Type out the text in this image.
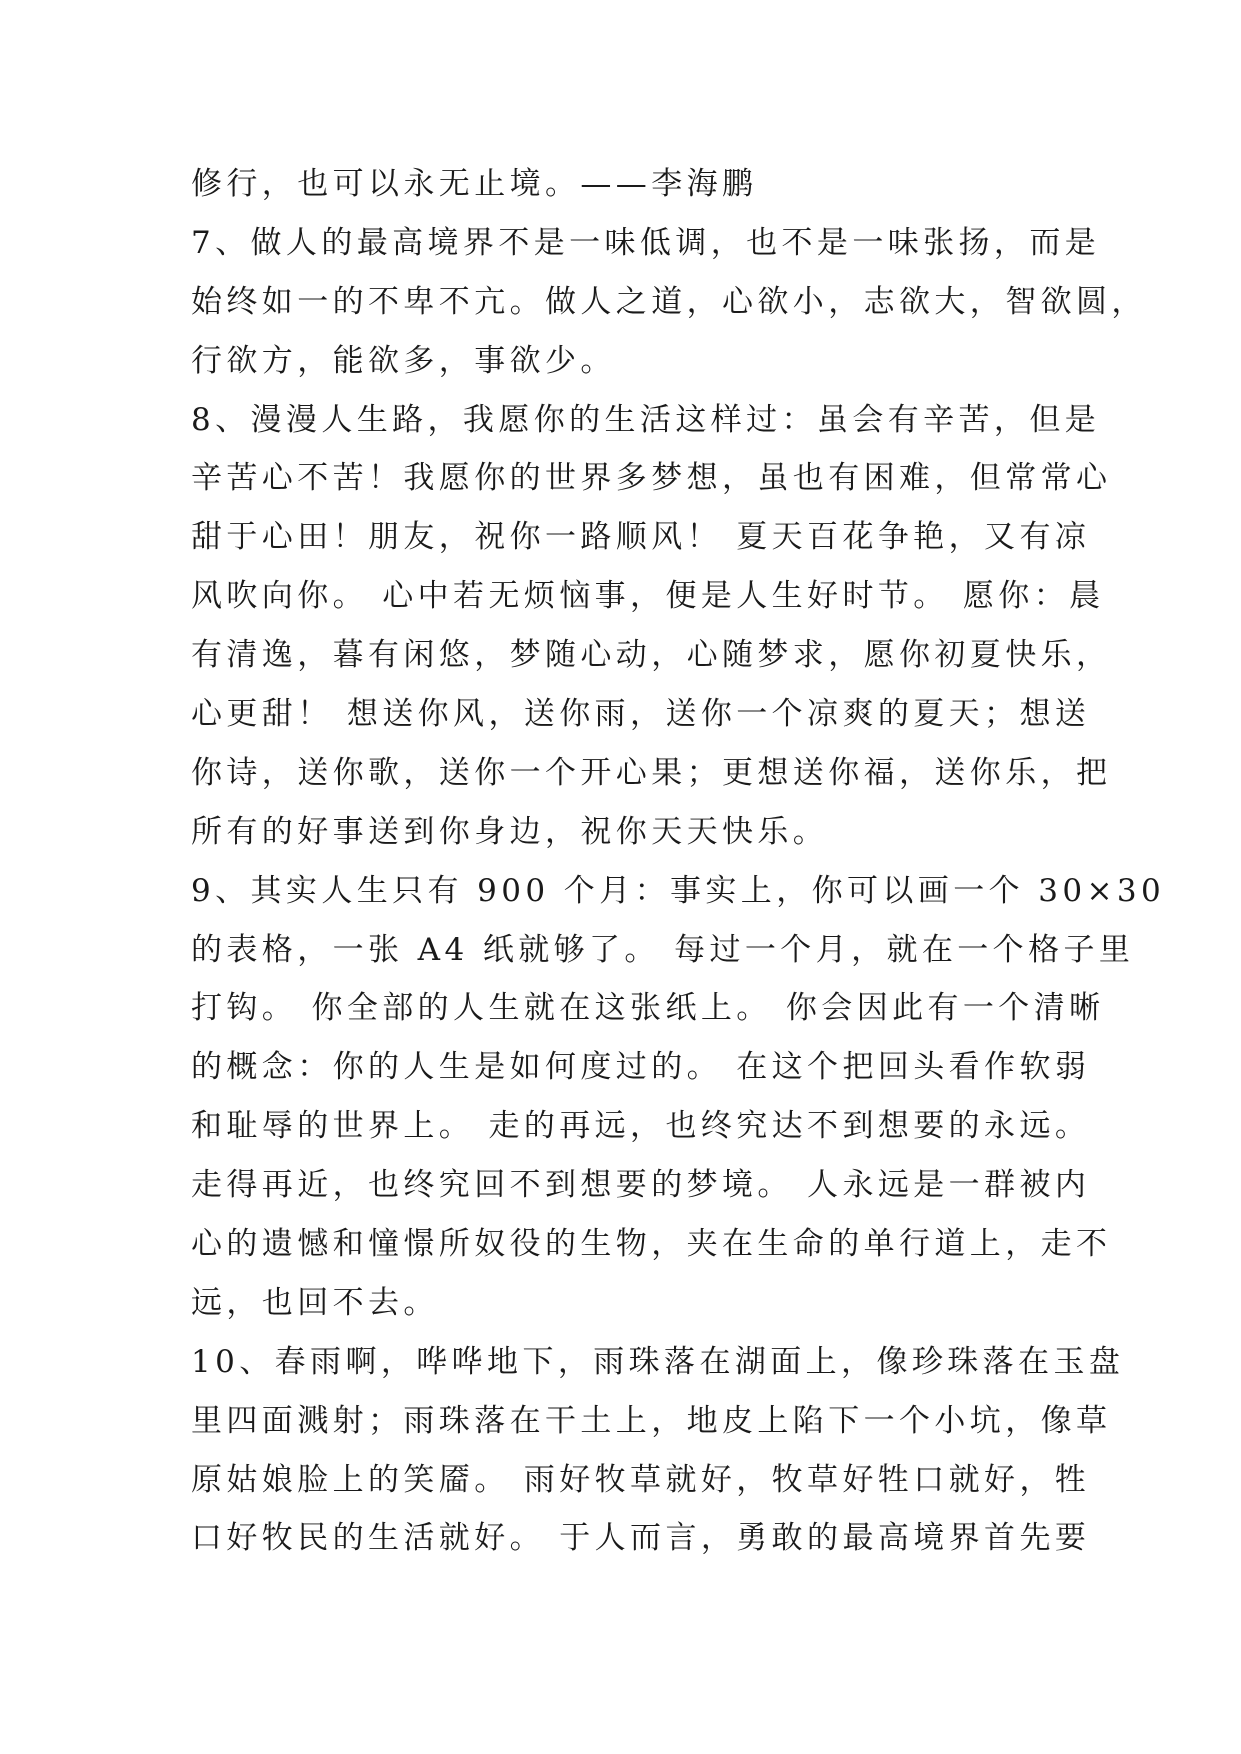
修行，也可以永无止境。——李海鹏
7、做人的最高境界不是一味低调，也不是一味张扬，而是
始终如一的不卑不亢。做人之道，心欲小，志欲大，智欲圆，
行欲方，能欲多，事欲少。
8、漫漫人生路，我愿你的生活这样过：虽会有辛苦，但是
辛苦心不苦！我愿你的世界多梦想，虽也有困难，但常常心
甜于心田！朋友，祝你一路顺风！ 夏天百花争艳，又有凉
风吹向你。 心中若无烦恼事，便是人生好时节。 愿你：晨
有清逸，暮有闲悠，梦随心动，心随梦求，愿你初夏快乐，
心更甜！ 想送你风，送你雨，送你一个凉爽的夏天；想送
你诗，送你歌，送你一个开心果；更想送你福，送你乐，把
所有的好事送到你身边，祝你天天快乐。
9、其实人生只有 900 个月：事实上，你可以画一个 30×30
的表格，一张 A4 纸就够了。 每过一个月，就在一个格子里
打钩。 你全部的人生就在这张纸上。 你会因此有一个清晰
的概念：你的人生是如何度过的。 在这个把回头看作软弱
和耻辱的世界上。 走的再远，也终究达不到想要的永远。
走得再近，也终究回不到想要的梦境。 人永远是一群被内
心的遗憾和憧憬所奴役的生物，夹在生命的单行道上，走不
远，也回不去。
10、春雨啊，哗哗地下，雨珠落在湖面上，像珍珠落在玉盘
里四面溅射；雨珠落在干土上，地皮上陷下一个小坑，像草
原姑娘脸上的笑靥。 雨好牧草就好，牧草好牲口就好，牲
口好牧民的生活就好。 于人而言，勇敢的最高境界首先要
